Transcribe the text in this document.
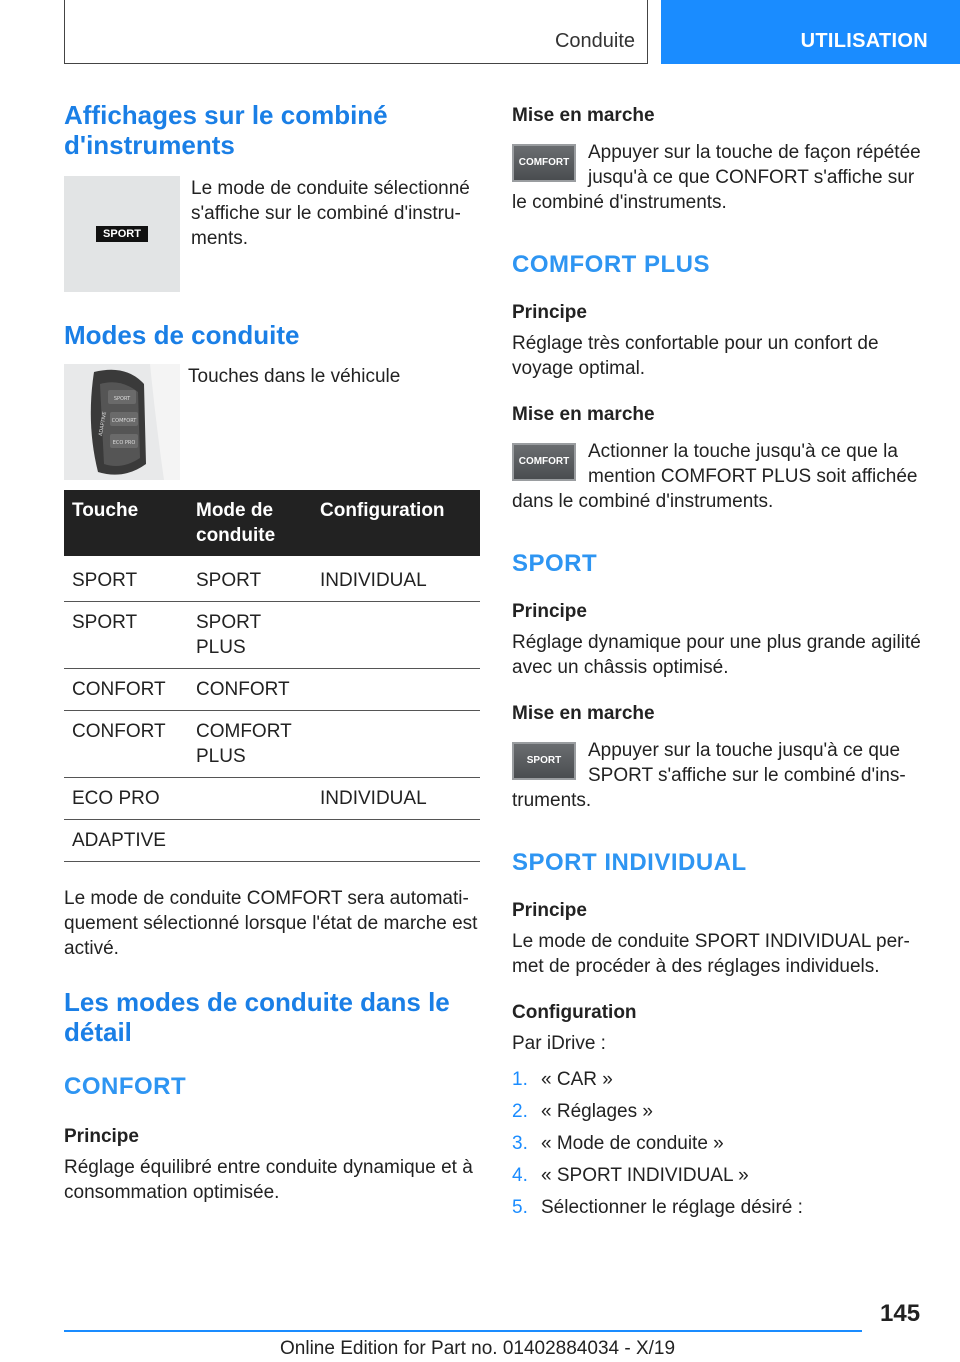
Conduite	UTILISATION
Affichages sur le combiné d'instruments
SPORT
Le mode de conduite sélectionné s'affiche sur le combiné d'instru-ments.
Modes de conduite
SPORT
COMFORT
ECO PRO
ADAPTIVE
Touches dans le véhicule
Touche	Mode de conduite	Configuration
SPORT	SPORT	INDIVIDUAL
SPORT	SPORT PLUS	
CONFORT	CONFORT	
CONFORT	COMFORT PLUS	
ECO PRO		INDIVIDUAL
ADAPTIVE		

Le mode de conduite COMFORT sera automati-quement sélectionné lorsque l'état de marche est activé.

Les modes de conduite dans le détail
CONFORT
Principe

Réglage équilibré entre conduite dynamique et à consommation optimisée.

Mise en marche
COMFORT Appuyer sur la touche de façon répétée jusqu'à ce que CONFORT s'affiche sur le combiné d'instruments.

COMFORT PLUS
Principe

Réglage très confortable pour un confort de voyage optimal.

Mise en marche
COMFORT Actionner la touche jusqu'à ce que la mention COMFORT PLUS soit affichée dans le combiné d'instruments.

SPORT
Principe

Réglage dynamique pour une plus grande agilité avec un châssis optimisé.

Mise en marche
SPORT	Appuyer sur la touche jusqu'à ce que SPORT s'affiche sur le combiné d'ins-truments.

SPORT INDIVIDUAL
Principe

Le mode de conduite SPORT INDIVIDUAL per-met de procéder à des réglages individuels.

Configuration

Par iDrive :

1. « CAR »
2. « Réglages »
3. « Mode de conduite »
4. « SPORT INDIVIDUAL »
5. Sélectionner le réglage désiré :
145
Online Edition for Part no. 01402884034 - X/19
